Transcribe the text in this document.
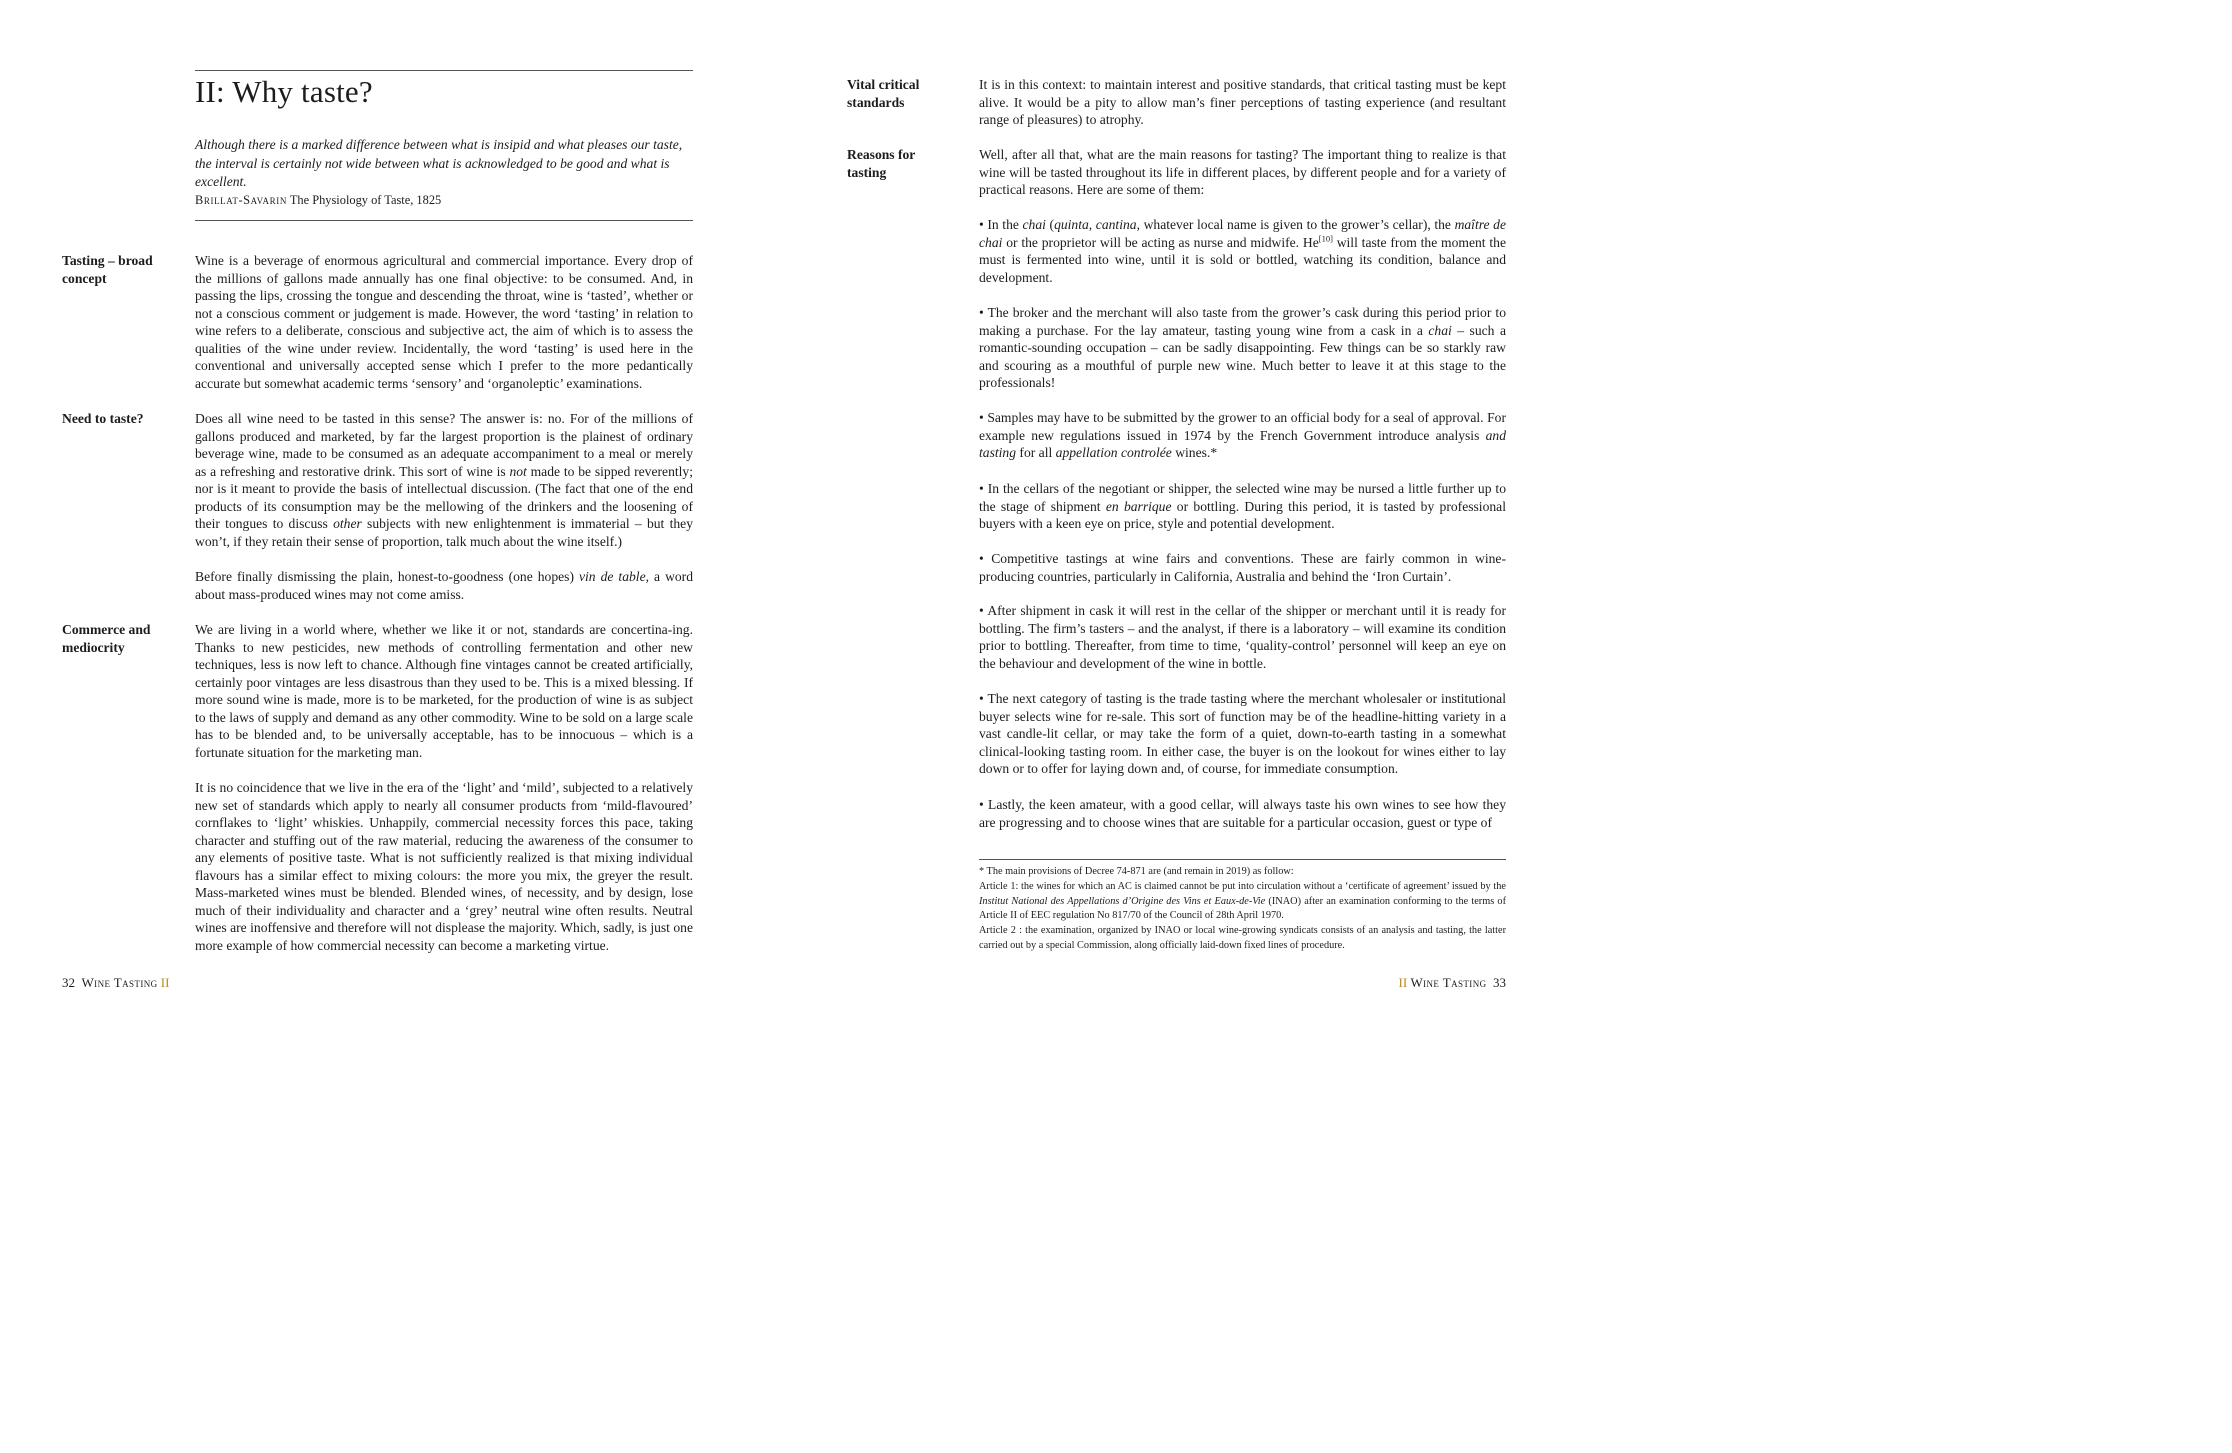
II: Why taste?
Although there is a marked difference between what is insipid and what pleases our taste, the interval is certainly not wide between what is acknowledged to be good and what is excellent.
Brillat-Savarin The Physiology of Taste, 1825
Tasting – broad
concept

Wine is a beverage of enormous agricultural and commercial importance. Every drop of the millions of gallons made annually has one final objective: to be consumed. And, in passing the lips, crossing the tongue and descending the throat, wine is ‘tasted’, whether or not a conscious comment or judgement is made. However, the word ‘tasting’ in relation to wine refers to a deliberate, conscious and subjective act, the aim of which is to assess the qualities of the wine under review. Incidentally, the word ‘tasting’ is used here in the conventional and universally accepted sense which I prefer to the more pedantically accurate but somewhat academic terms ‘sensory’ and ‘organoleptic’ examinations.

Need to taste?	Does all wine need to be tasted in this sense? The answer is: no. For of the millions of gallons produced and marketed, by far the largest proportion is the plainest of ordinary beverage wine, made to be consumed as an adequate accompaniment to a meal or merely as a refreshing and restorative drink. This sort of wine is not made to be sipped reverently; nor is it meant to provide the basis of intellectual discussion. (The fact that one of the end products of its consumption may be the mellowing of the drinkers and the loosening of their tongues to discuss other subjects with new enlightenment is immaterial – but they won’t, if they retain their sense of proportion, talk much about the wine itself.)

Before finally dismissing the plain, honest-to-goodness (one hopes) vin de table, a word about mass-produced wines may not come amiss.

Commerce and
mediocrity

We are living in a world where, whether we like it or not, standards are concertina-ing. Thanks to new pesticides, new methods of controlling fermentation and other new techniques, less is now left to chance. Although fine vintages cannot be created artificially, certainly poor vintages are less disastrous than they used to be. This is a mixed blessing. If more sound wine is made, more is to be marketed, for the production of wine is as subject to the laws of supply and demand as any other commodity. Wine to be sold on a large scale has to be blended and, to be universally acceptable, has to be innocuous – which is a fortunate situation for the marketing man.

It is no coincidence that we live in the era of the ‘light’ and ‘mild’, subjected to a relatively new set of standards which apply to nearly all consumer products from ‘mild-flavoured’ cornflakes to ‘light’ whiskies. Unhappily, commercial necessity forces this pace, taking character and stuffing out of the raw material, reducing the awareness of the consumer to any elements of positive taste. What is not sufficiently realized is that mixing individual flavours has a similar effect to mixing colours: the more you mix, the greyer the result. Mass-marketed wines must be blended. Blended wines, of necessity, and by design, lose much of their individuality and character and a ‘grey’ neutral wine often results. Neutral wines are inoffensive and therefore will not displease the majority. Which, sadly, is just one more example of how commercial necessity can become a marketing virtue.

32 Wine Tasting II
Vital critical
standards

It is in this context: to maintain interest and positive standards, that critical tasting must be kept alive. It would be a pity to allow man’s finer perceptions of tasting experience (and resultant range of pleasures) to atrophy.

Reasons for
tasting

Well, after all that, what are the main reasons for tasting? The important thing to realize is that wine will be tasted throughout its life in different places, by different people and for a variety of practical reasons. Here are some of them:

• In the chai (quinta, cantina, whatever local name is given to the grower’s cellar), the maître de chai or the proprietor will be acting as nurse and midwife. He[10] will taste from the moment the must is fermented into wine, until it is sold or bottled, watching its condition, balance and development.

• The broker and the merchant will also taste from the grower’s cask during this period prior to making a purchase. For the lay amateur, tasting young wine from a cask in a chai – such a romantic-sounding occupation – can be sadly disappointing. Few things can be so starkly raw and scouring as a mouthful of purple new wine. Much better to leave it at this stage to the professionals!

• Samples may have to be submitted by the grower to an official body for a seal of approval. For example new regulations issued in 1974 by the French Government introduce analysis and tasting for all appellation controlée wines.*

• In the cellars of the negotiant or shipper, the selected wine may be nursed a little further up to the stage of shipment en barrique or bottling. During this period, it is tasted by professional buyers with a keen eye on price, style and potential development.

• Competitive tastings at wine fairs and conventions. These are fairly common in wine-producing countries, particularly in California, Australia and behind the ‘Iron Curtain’.

• After shipment in cask it will rest in the cellar of the shipper or merchant until it is ready for bottling. The firm’s tasters – and the analyst, if there is a laboratory – will examine its condition prior to bottling. Thereafter, from time to time, ‘quality-control’ personnel will keep an eye on the behaviour and development of the wine in bottle.

• The next category of tasting is the trade tasting where the merchant wholesaler or institutional buyer selects wine for re-sale. This sort of function may be of the headline-hitting variety in a vast candle-lit cellar, or may take the form of a quiet, down-to-earth tasting in a somewhat clinical-looking tasting room. In either case, the buyer is on the lookout for wines either to lay down or to offer for laying down and, of course, for immediate consumption.

• Lastly, the keen amateur, with a good cellar, will always taste his own wines to see how they are progressing and to choose wines that are suitable for a particular occasion, guest or type of

* The main provisions of Decree 74-871 are (and remain in 2019) as follow:

Article 1: the wines for which an AC is claimed cannot be put into circulation without a ‘certificate of agreement’ issued by the Institut National des Appellations d’Origine des Vins et Eaux-de-Vie (INAO) after an examination conforming to the terms of Article II of EEC regulation No 817/70 of the Council of 28th April 1970.

Article 2 : the examination, organized by INAO or local wine-growing syndicats consists of an analysis and tasting, the latter carried out by a special Commission, along officially laid-down fixed lines of procedure.

II Wine Tasting 33
